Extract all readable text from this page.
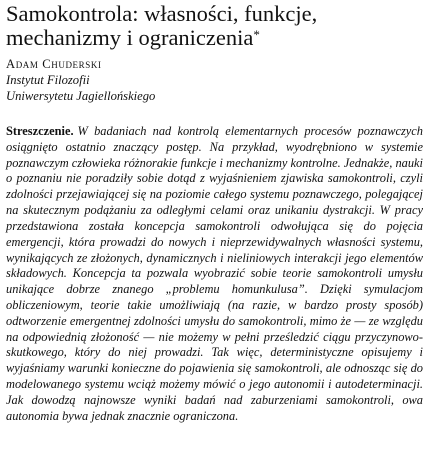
Samokontrola: własności, funkcje,
mechanizmy i ograniczenia*
Adam Chuderski
Instytut Filozofii
Uniwersytetu Jagiellońskiego

Streszczenie. W badaniach nad kontrolą elementarnych procesów poznawczych osiągnięto ostatnio znaczący postęp. Na przykład, wyodrębniono w systemie poznawczym człowieka różnorakie funkcje i mechanizmy kontrolne. Jednakże, nauki o poznaniu nie poradziły sobie dotąd z wyjaśnieniem zjawiska samokontroli, czyli zdolności przejawiającej się na poziomie całego systemu poznawczego, polegającej na skutecznym podążaniu za odległymi celami oraz unikaniu dystrakcji. W pracy przedstawiona została koncepcja samokontroli odwołująca się do pojęcia emergencji, która prowadzi do nowych i nieprzewidywalnych własności systemu, wynikających ze złożonych, dynamicznych i nieliniowych interakcji jego elementów składowych. Koncepcja ta pozwala wyobrazić sobie teorie samokontroli umysłu unikające dobrze znanego „problemu homunkulusa”. Dzięki symulacjom obliczeniowym, teorie takie umożliwiają (na razie, w bardzo prosty sposób) odtworzenie emergentnej zdolności umysłu do samokontroli, mimo że — ze względu na odpowiednią złożoność — nie możemy w pełni prześledzić ciągu przyczynowo-skutkowego, który do niej prowadzi. Tak więc, deterministyczne opisujemy i wyjaśniamy warunki konieczne do pojawienia się samokontroli, ale odnosząc się do modelowanego systemu wciąż możemy mówić o jego autonomii i autodeterminacji. Jak dowodzą najnowsze wyniki badań nad zaburzeniami samokontroli, owa autonomia bywa jednak znacznie ograniczona.
